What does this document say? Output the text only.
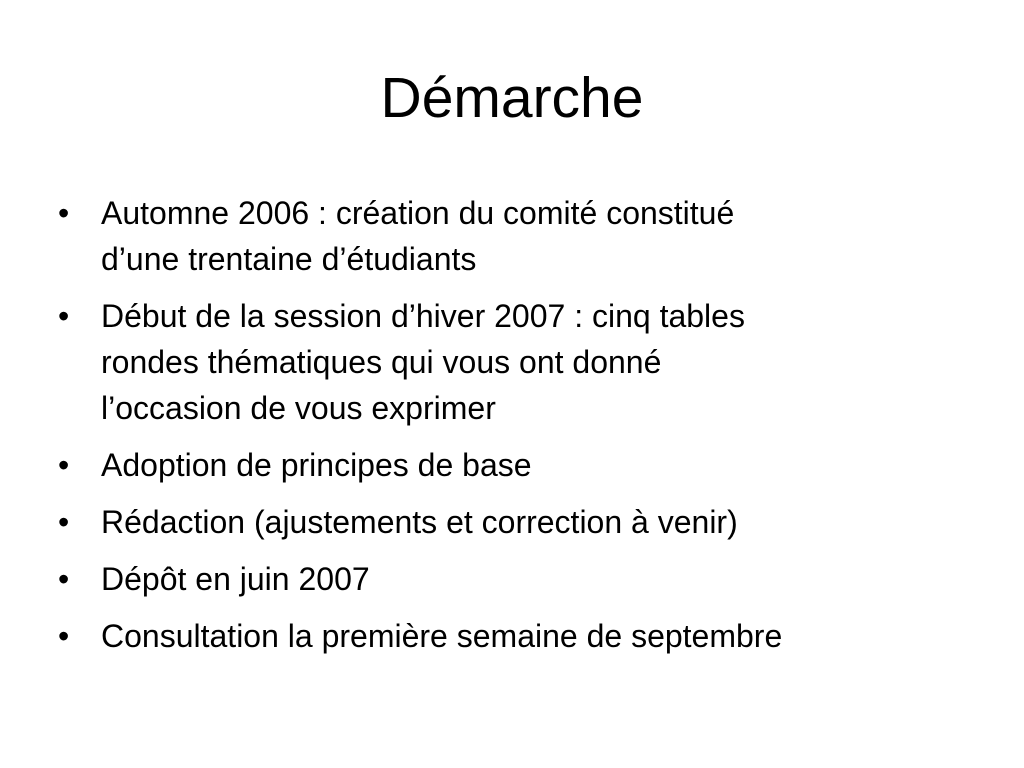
Démarche
• Automne 2006 : création du comité constitué
d’une trentaine d’étudiants
• Début de la session d’hiver 2007 : cinq tables
rondes thématiques qui vous ont donné
l’occasion de vous exprimer
• Adoption de principes de base
• Rédaction (ajustements et correction à venir)
• Dépôt en juin 2007
• Consultation la première semaine de septembre
